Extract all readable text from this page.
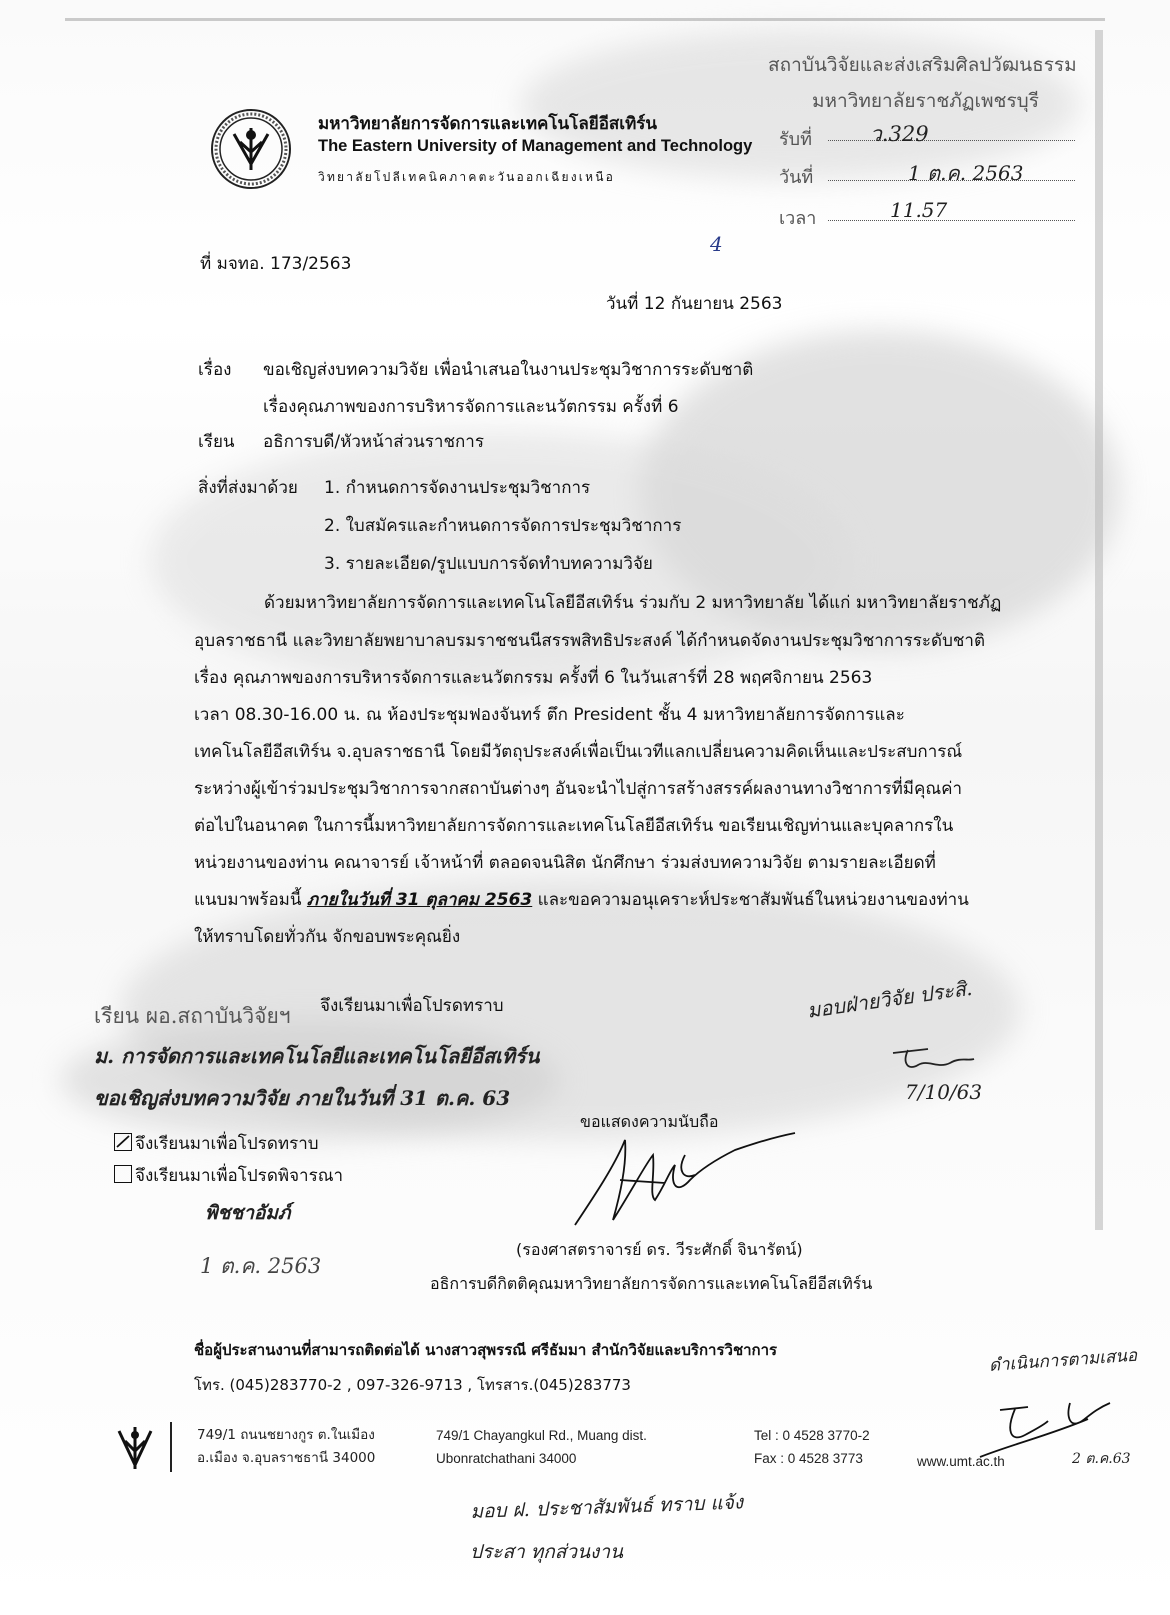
มหาวิทยาลัยการจัดการและเทคโนโลยีอีสเทิร์น
The Eastern University of Management and Technology
วิทยาลัยโปลีเทคนิคภาคตะวันออกเฉียงเหนือ
สถาบันวิจัยและส่งเสริมศิลปวัฒนธรรม
มหาวิทยาลัยราชภัฏเพชรบุรี
รับที่	ว.329
วันที่	1 ต.ค. 2563
เวลา	11.57
ที่ มจทอ. 173/2563
4
วันที่ 12 กันยายน 2563
เรื่อง ขอเชิญส่งบทความวิจัย เพื่อนำเสนอในงานประชุมวิชาการระดับชาติ
เรื่องคุณภาพของการบริหารจัดการและนวัตกรรม ครั้งที่ 6
เรียน อธิการบดี/หัวหน้าส่วนราชการ
สิ่งที่ส่งมาด้วย 1. กำหนดการจัดงานประชุมวิชาการ
2. ใบสมัครและกำหนดการจัดการประชุมวิชาการ
3. รายละเอียด/รูปแบบการจัดทำบทความวิจัย
ด้วยมหาวิทยาลัยการจัดการและเทคโนโลยีอีสเทิร์น ร่วมกับ 2 มหาวิทยาลัย ได้แก่ มหาวิทยาลัยราชภัฏ
อุบลราชธานี และวิทยาลัยพยาบาลบรมราชชนนีสรรพสิทธิประสงค์ ได้กำหนดจัดงานประชุมวิชาการระดับชาติ
เรื่อง คุณภาพของการบริหารจัดการและนวัตกรรม ครั้งที่ 6 ในวันเสาร์ที่ 28 พฤศจิกายน 2563
เวลา 08.30-16.00 น. ณ ห้องประชุมฟองจันทร์ ตึก President ชั้น 4 มหาวิทยาลัยการจัดการและ
เทคโนโลยีอีสเทิร์น จ.อุบลราชธานี โดยมีวัตถุประสงค์เพื่อเป็นเวทีแลกเปลี่ยนความคิดเห็นและประสบการณ์
ระหว่างผู้เข้าร่วมประชุมวิชาการจากสถาบันต่างๆ อันจะนำไปสู่การสร้างสรรค์ผลงานทางวิชาการที่มีคุณค่า
ต่อไปในอนาคต ในการนี้มหาวิทยาลัยการจัดการและเทคโนโลยีอีสเทิร์น ขอเรียนเชิญท่านและบุคลากรใน
หน่วยงานของท่าน คณาจารย์ เจ้าหน้าที่ ตลอดจนนิสิต นักศึกษา ร่วมส่งบทความวิจัย ตามรายละเอียดที่
แนบมาพร้อมนี้ ภายในวันที่ 31 ตุลาคม 2563 และขอความอนุเคราะห์ประชาสัมพันธ์ในหน่วยงานของท่าน
ให้ทราบโดยทั่วกัน จักขอบพระคุณยิ่ง
จึงเรียนมาเพื่อโปรดทราบ
เรียน ผอ.สถาบันวิจัยฯ
ม. การจัดการและเทคโนโลยีและเทคโนโลยีอีสเทิร์น
ขอเชิญส่งบทความวิจัย ภายในวันที่ 31 ต.ค. 63
จึงเรียนมาเพื่อโปรดทราบ
จึงเรียนมาเพื่อโปรดพิจารณา
พิชชาอัมภ์
1 ต.ค. 2563
มอบฝ่ายวิจัย ประสิ.
7/10/63
ขอแสดงความนับถือ
(รองศาสตราจารย์ ดร. วีระศักดิ์ จินารัตน์)
อธิการบดีกิตติคุณมหาวิทยาลัยการจัดการและเทคโนโลยีอีสเทิร์น
ชื่อผู้ประสานงานที่สามารถติดต่อได้ นางสาวสุพรรณี ศรีธัมมา สำนักวิจัยและบริการวิชาการ
โทร. (045)283770-2 , 097-326-9713 , โทรสาร.(045)283773
ดำเนินการตามเสนอ
2 ต.ค.63
749/1 ถนนชยางกูร ต.ในเมือง
อ.เมือง จ.อุบลราชธานี 34000
749/1 Chayangkul Rd., Muang dist.
Ubonratchathani 34000
Tel : 0 4528 3770-2
Fax : 0 4528 3773	www.umt.ac.th
มอบ ฝ. ประชาสัมพันธ์ ทราบ แจ้ง
ประสา ทุกส่วนงาน
